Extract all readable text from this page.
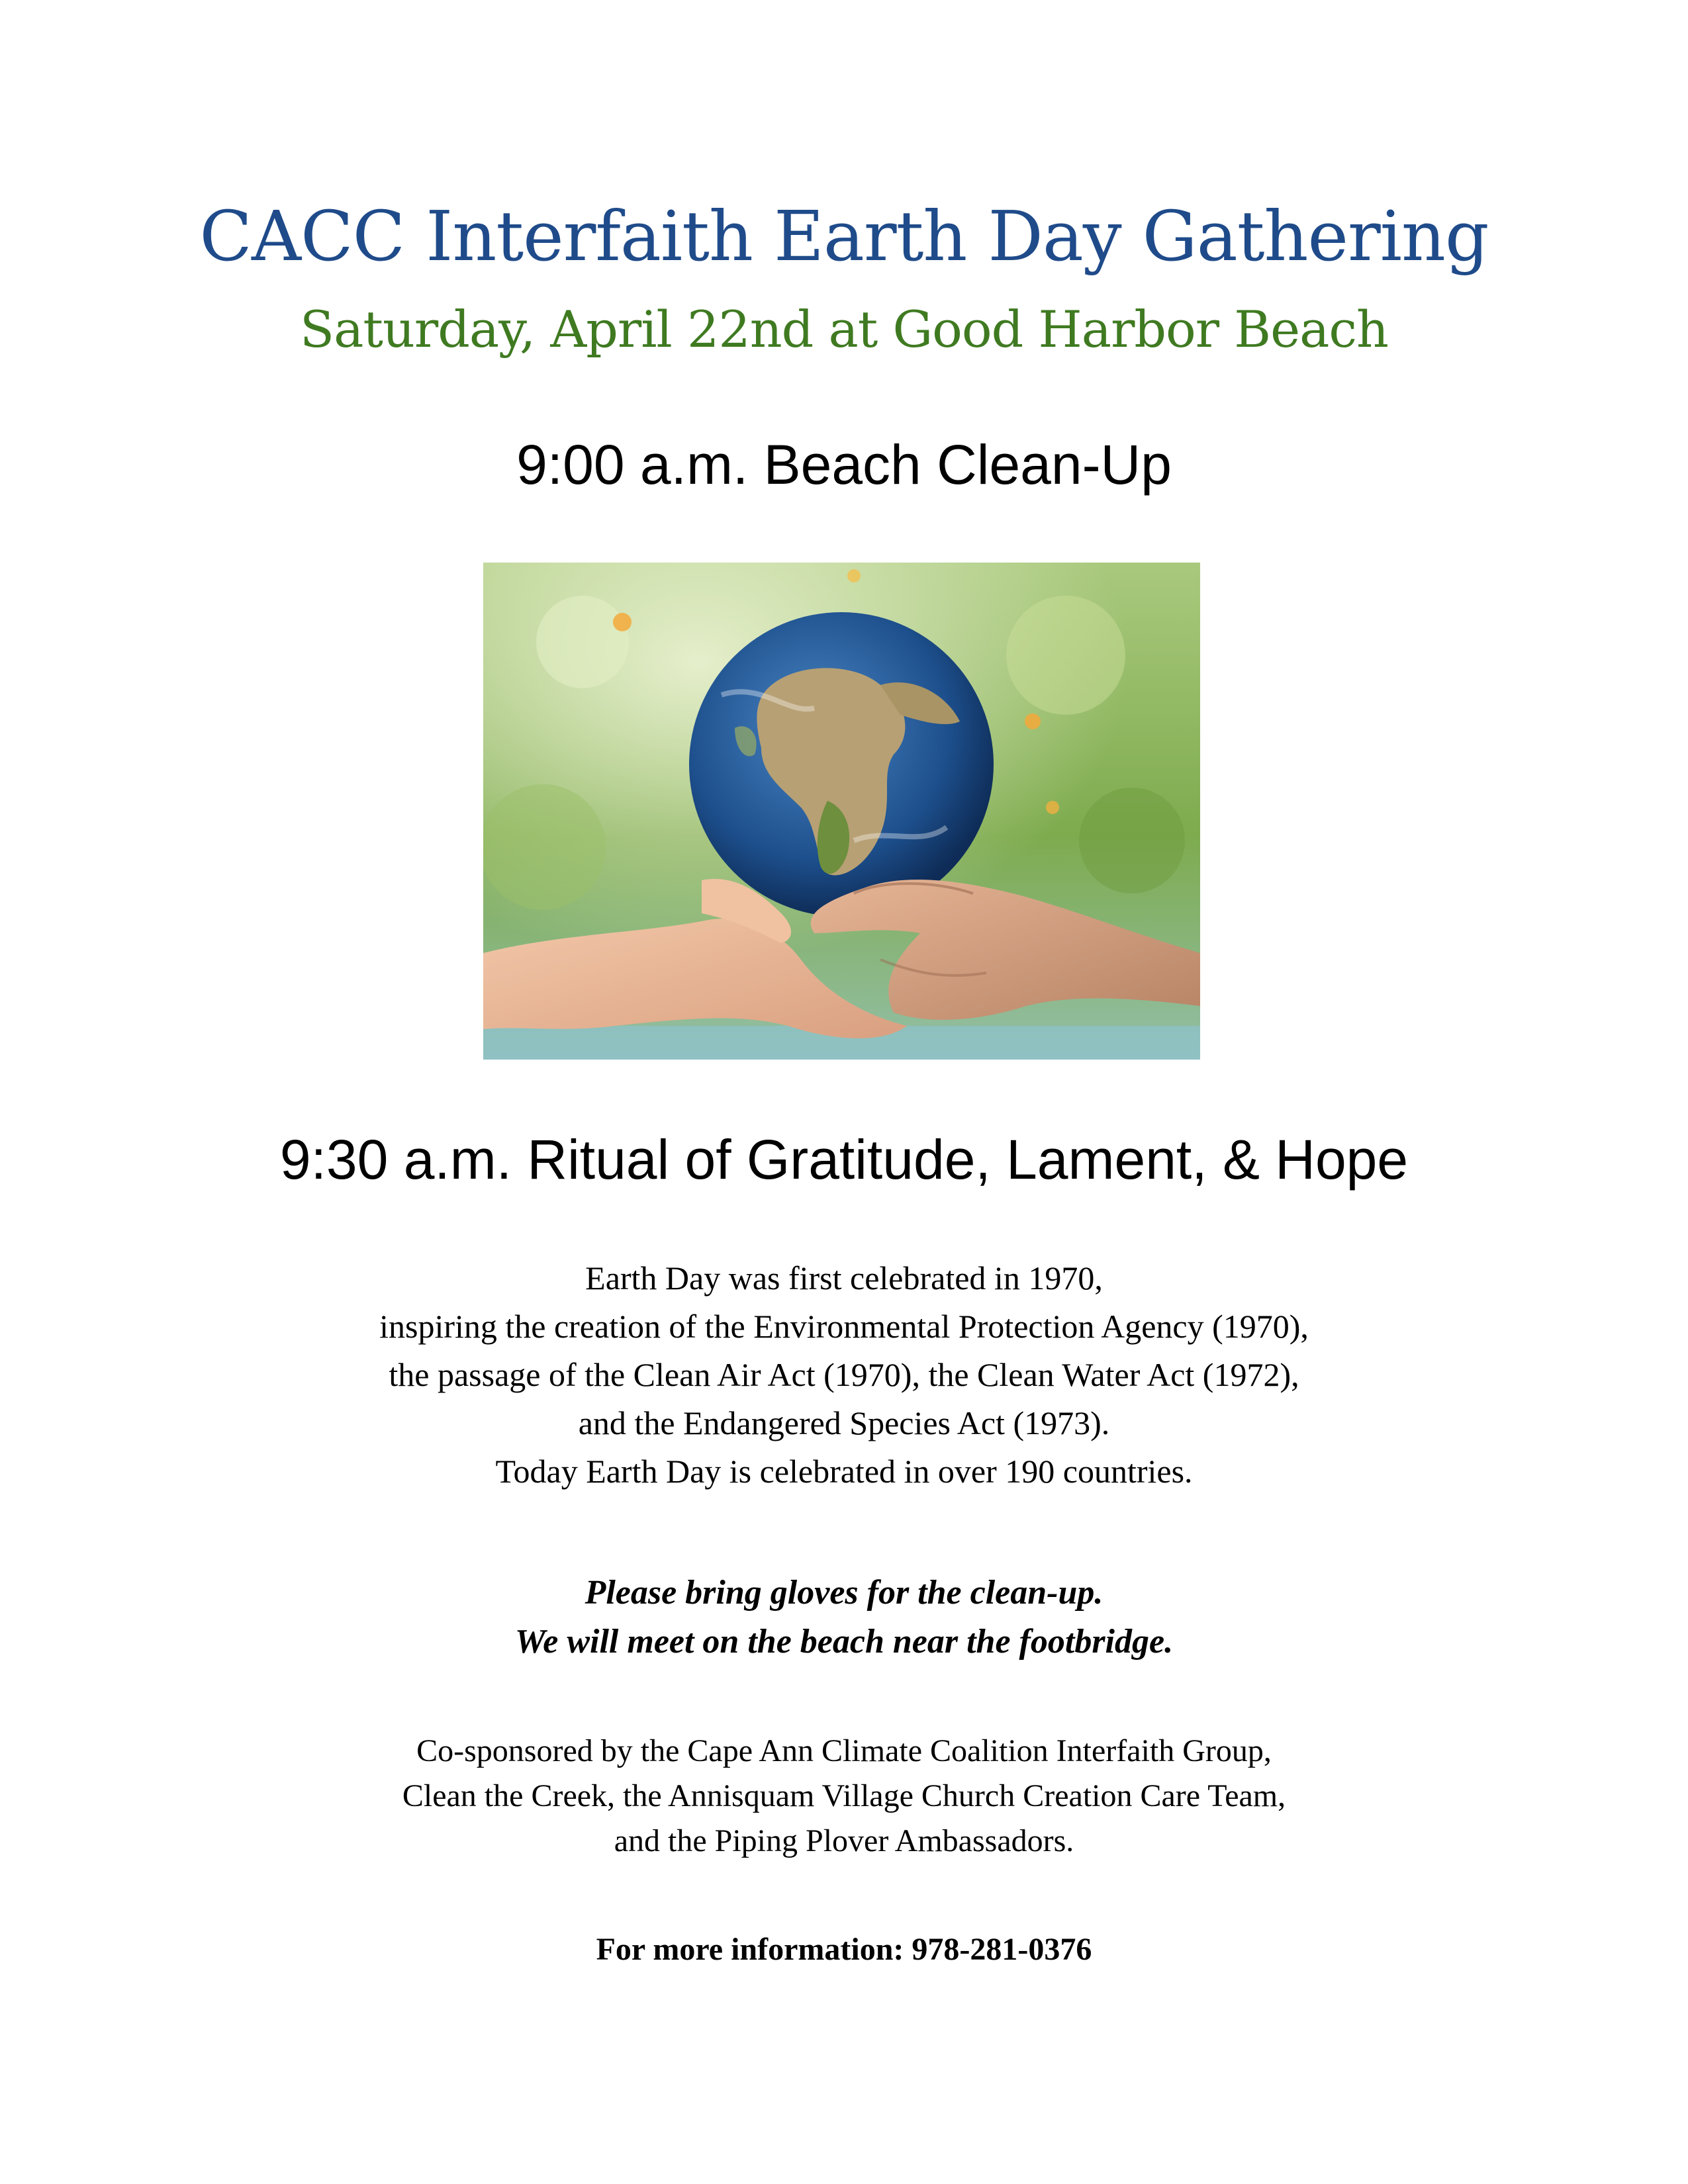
CACC Interfaith Earth Day Gathering
Saturday, April 22nd at Good Harbor Beach
9:00 a.m. Beach Clean-Up
9:30 a.m. Ritual of Gratitude, Lament, & Hope
Earth Day was first celebrated in 1970,
inspiring the creation of the Environmental Protection Agency (1970),
the passage of the Clean Air Act (1970), the Clean Water Act (1972),
and the Endangered Species Act (1973).
Today Earth Day is celebrated in over 190 countries.
Please bring gloves for the clean-up.
We will meet on the beach near the footbridge.
Co-sponsored by the Cape Ann Climate Coalition Interfaith Group,
Clean the Creek, the Annisquam Village Church Creation Care Team,
and the Piping Plover Ambassadors.
For more information: 978-281-0376
